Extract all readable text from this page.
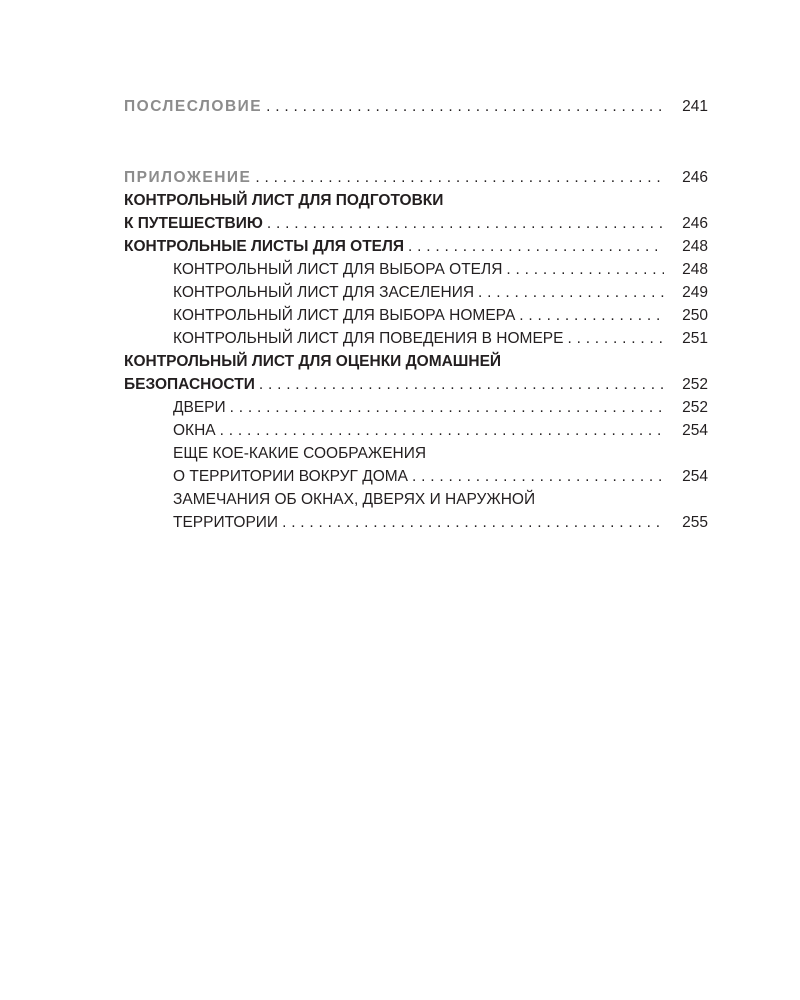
ПОСЛЕСЛОВИЕ . . .	241
ПРИЛОЖЕНИЕ . . .	246
КОНТРОЛЬНЫЙ ЛИСТ ДЛЯ ПОДГОТОВКИ
К ПУТЕШЕСТВИЮ . . .	246
КОНТРОЛЬНЫЕ ЛИСТЫ ДЛЯ ОТЕЛЯ . . .	248
КОНТРОЛЬНЫЙ ЛИСТ ДЛЯ ВЫБОРА ОТЕЛЯ . . .	248
КОНТРОЛЬНЫЙ ЛИСТ ДЛЯ ЗАСЕЛЕНИЯ . . .	249
КОНТРОЛЬНЫЙ ЛИСТ ДЛЯ ВЫБОРА НОМЕРА . . .	250
КОНТРОЛЬНЫЙ ЛИСТ ДЛЯ ПОВЕДЕНИЯ В НОМЕРЕ . . .	251
КОНТРОЛЬНЫЙ ЛИСТ ДЛЯ ОЦЕНКИ ДОМАШНЕЙ
БЕЗОПАСНОСТИ . . .	252
ДВЕРИ . . .	252
ОКНА . . .	254
ЕЩЕ КОЕ-КАКИЕ СООБРАЖЕНИЯ
О ТЕРРИТОРИИ ВОКРУГ ДОМА . . .	254
ЗАМЕЧАНИЯ ОБ ОКНАХ, ДВЕРЯХ И НАРУЖНОЙ
ТЕРРИТОРИИ . . .	255
